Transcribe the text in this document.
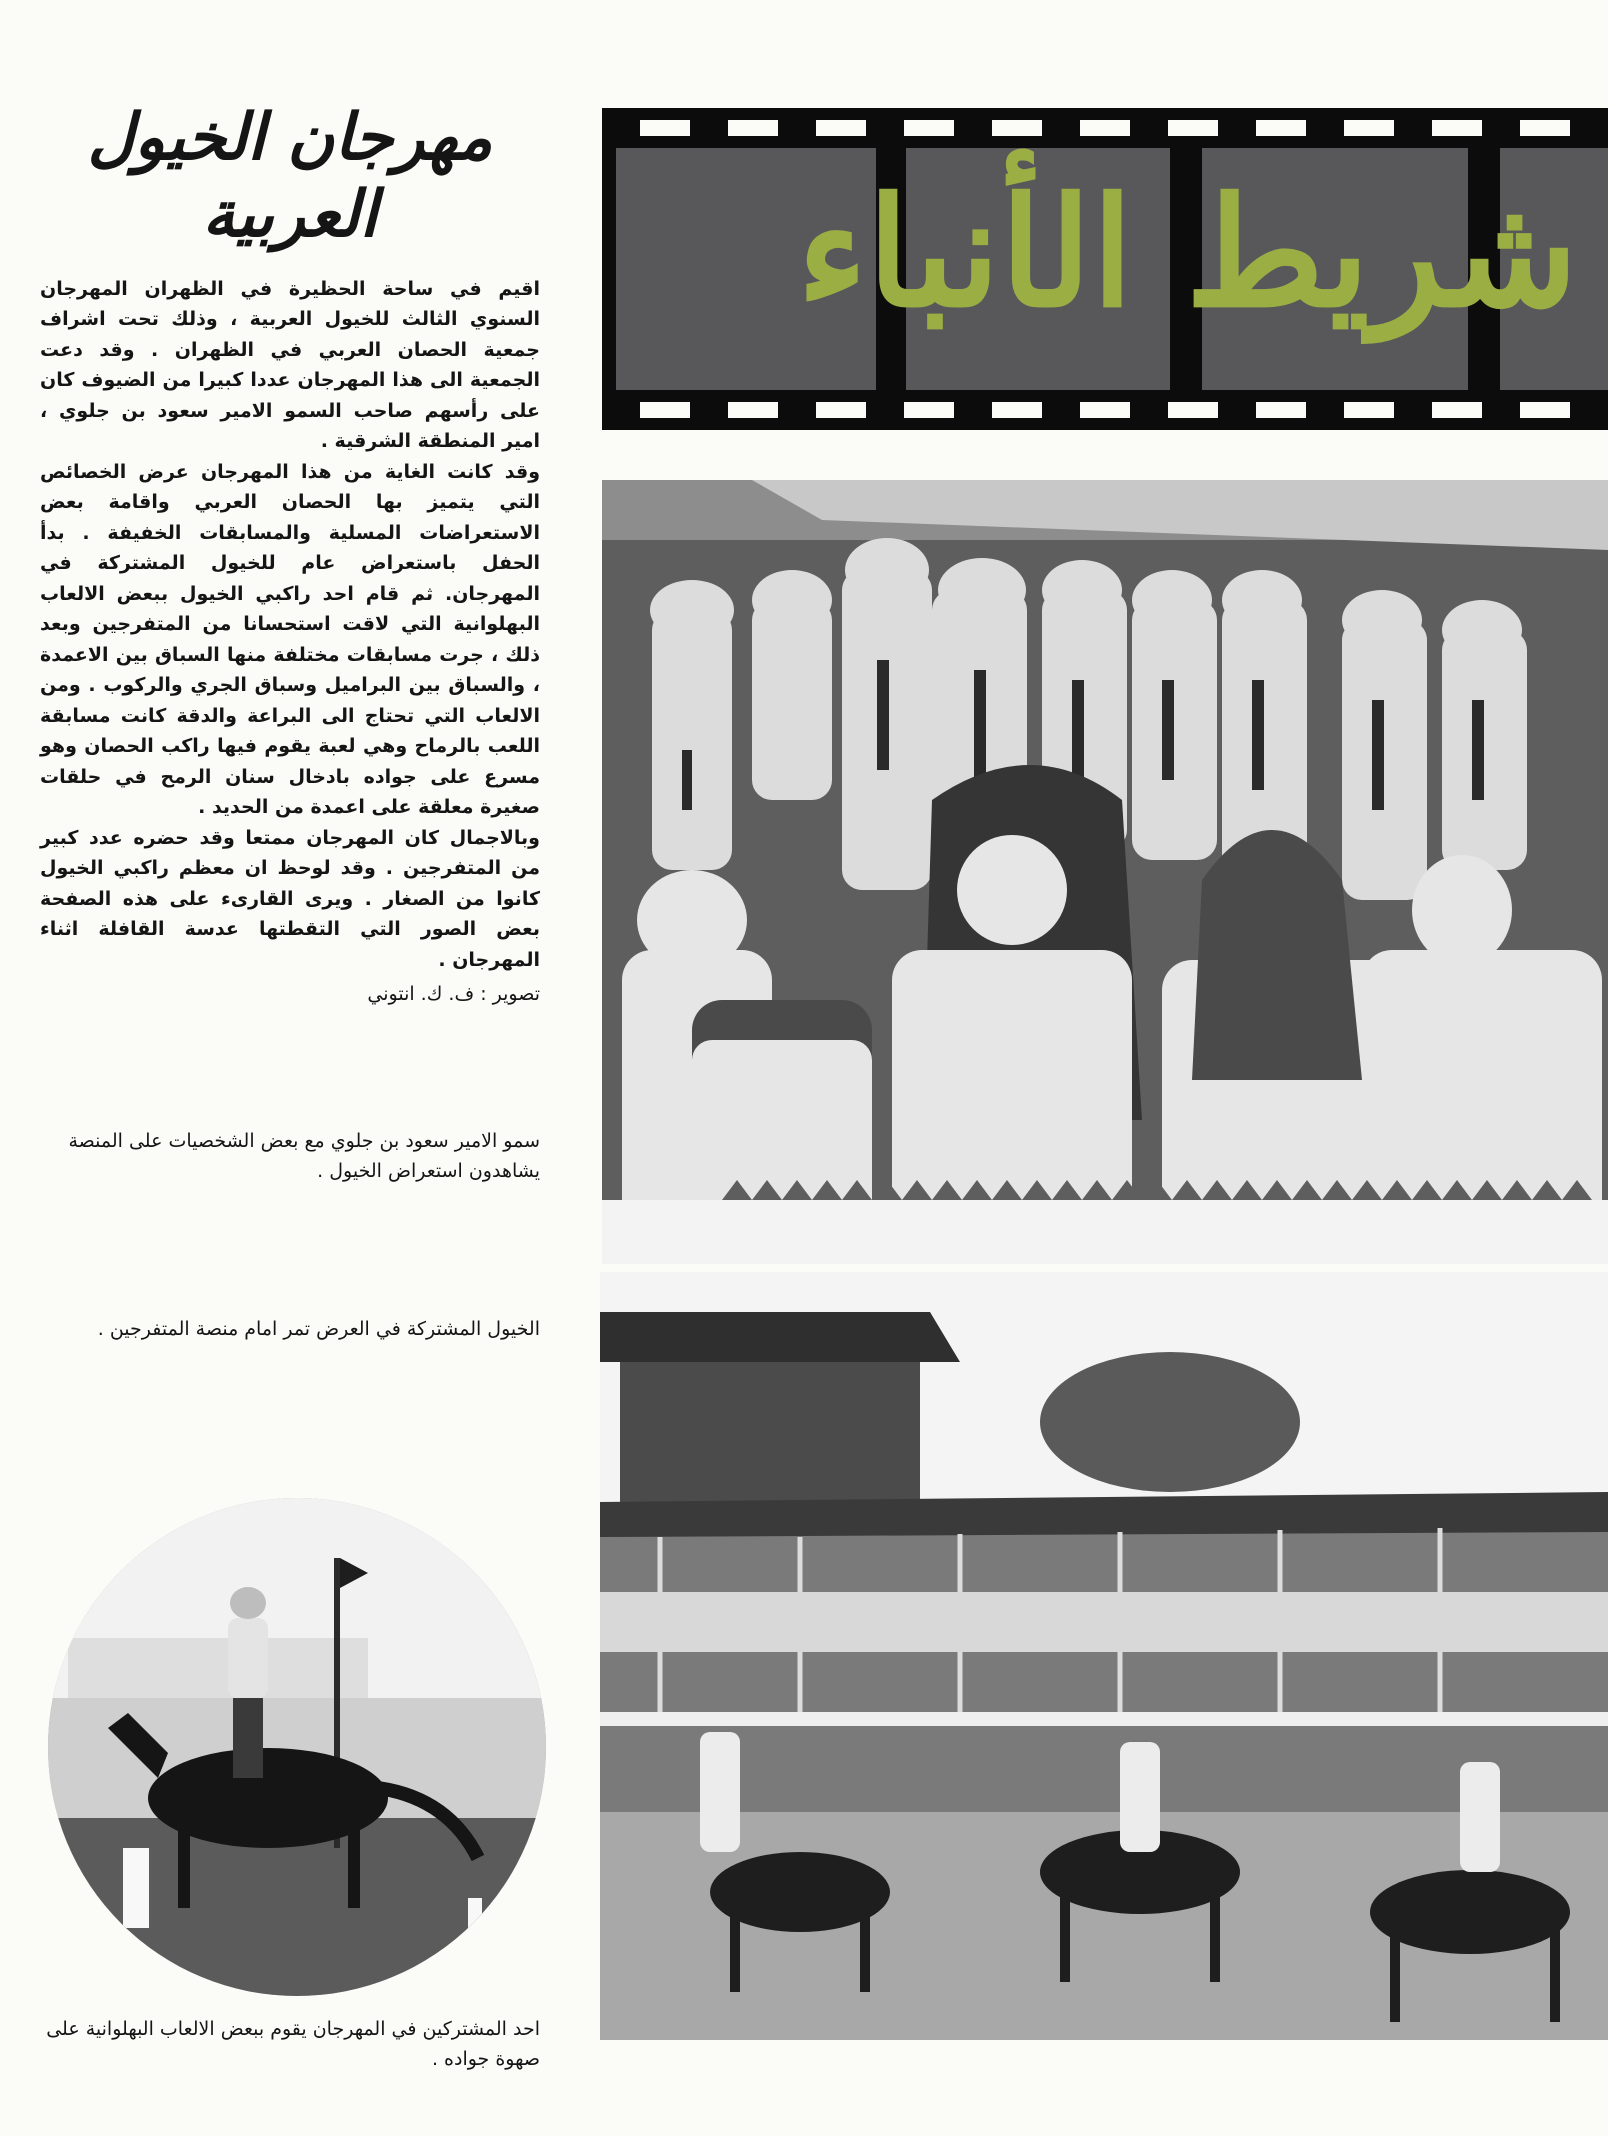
مهرجان الخيول العربية

اقيم في ساحة الحظيرة في الظهران المهرجان السنوي الثالث للخيول العربية ، وذلك تحت اشراف جمعية الحصان العربي في الظهران . وقد دعت الجمعية الى هذا المهرجان عددا كبيرا من الضيوف كان على رأسهم صاحب السمو الامير سعود بن جلوي ، امير المنطقة الشرقية .

وقد كانت الغاية من هذا المهرجان عرض الخصائص التي يتميز بها الحصان العربي واقامة بعض الاستعراضات المسلية والمسابقات الخفيفة . بدأ الحفل باستعراض عام للخيول المشتركة في المهرجان. ثم قام احد راكبي الخيول ببعض الالعاب البهلوانية التي لاقت استحسانا من المتفرجين وبعد ذلك ، جرت مسابقات مختلفة منها السباق بين الاعمدة ، والسباق بين البراميل وسباق الجري والركوب . ومن الالعاب التي تحتاج الى البراعة والدقة كانت مسابقة اللعب بالرماح وهي لعبة يقوم فيها راكب الحصان وهو مسرع على جواده بادخال سنان الرمح في حلقات صغيرة معلقة على اعمدة من الحديد .

وبالاجمال كان المهرجان ممتعا وقد حضره عدد كبير من المتفرجين . وقد لوحظ ان معظم راكبي الخيول كانوا من الصغار . ويرى القارىء على هذه الصفحة بعض الصور التي التقطتها عدسة القافلة اثناء المهرجان .

تصوير : ف. ك. انتوني
سمو الامير سعود بن جلوي مع بعض الشخصيات على المنصة يشاهدون استعراض الخيول .
الخيول المشتركة في العرض تمر امام منصة المتفرجين .
احد المشتركين في المهرجان يقوم ببعض الالعاب البهلوانية على صهوة جواده .
شريط الأنباء
